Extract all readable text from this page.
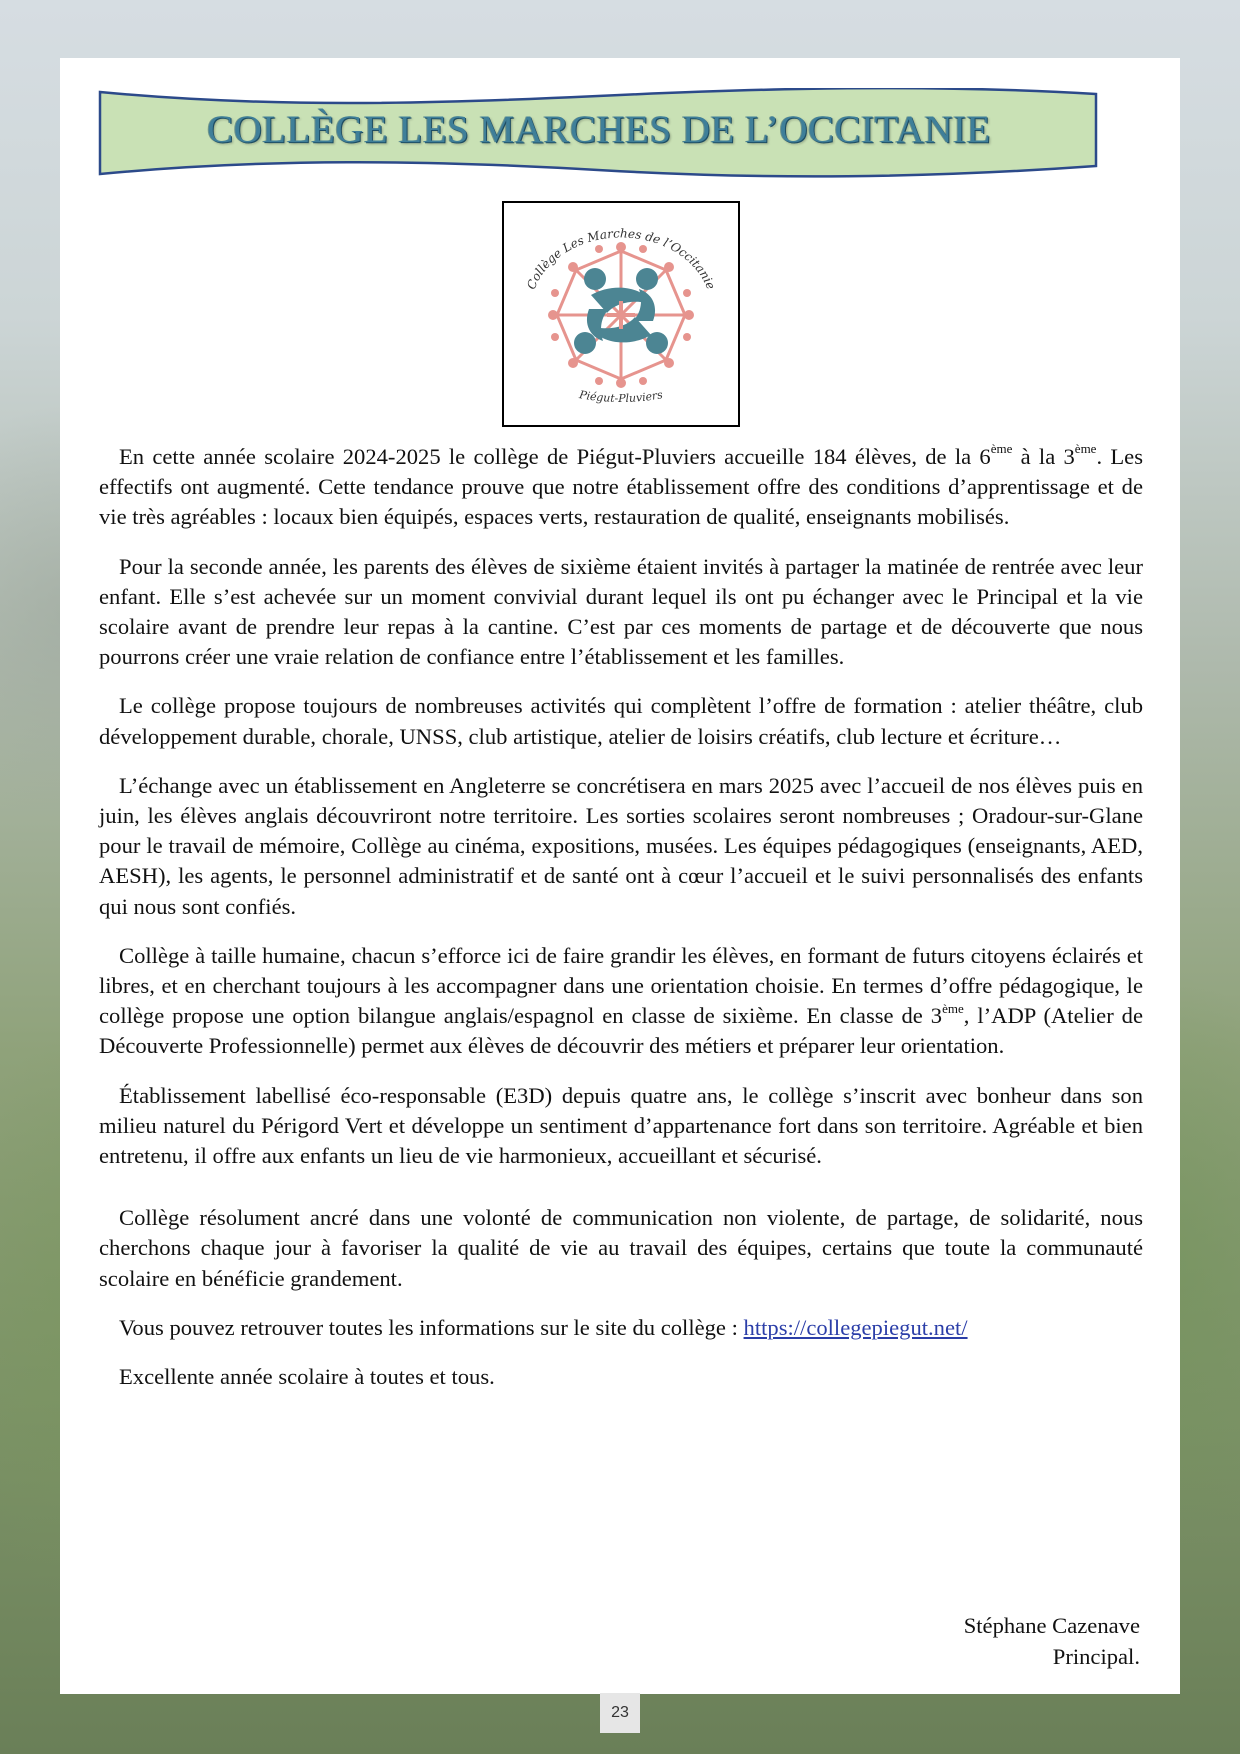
COLLÈGE LES MARCHES DE L’OCCITANIE
Collège Les Marches de l’Occitanie
Piégut-Pluviers

En cette année scolaire 2024-2025 le collège de Piégut-Pluviers accueille 184 élèves, de la 6ème à la 3ème. Les effectifs ont augmenté. Cette tendance prouve que notre établissement offre des conditions d’apprentissage et de vie très agréables : locaux bien équipés, espaces verts, restauration de qualité, enseignants mobilisés.

Pour la seconde année, les parents des élèves de sixième étaient invités à partager la matinée de rentrée avec leur enfant. Elle s’est achevée sur un moment convivial durant lequel ils ont pu échanger avec le Principal et la vie scolaire avant de prendre leur repas à la cantine. C’est par ces moments de partage et de découverte que nous pourrons créer une vraie relation de confiance entre l’établissement et les familles.

Le collège propose toujours de nombreuses activités qui complètent l’offre de formation : atelier théâtre, club développement durable, chorale, UNSS, club artistique, atelier de loisirs créatifs, club lecture et écriture…

L’échange avec un établissement en Angleterre se concrétisera en mars 2025 avec l’accueil de nos élèves puis en juin, les élèves anglais découvriront notre territoire. Les sorties scolaires seront nombreuses ; Oradour-sur-Glane pour le travail de mémoire, Collège au cinéma, expositions, musées. Les équipes pédagogiques (enseignants, AED, AESH), les agents, le personnel administratif et de santé ont à cœur l’accueil et le suivi personnalisés des enfants qui nous sont confiés.

Collège à taille humaine, chacun s’efforce ici de faire grandir les élèves, en formant de futurs citoyens éclairés et libres, et en cherchant toujours à les accompagner dans une orientation choisie. En termes d’offre pédagogique, le collège propose une option bilangue anglais/espagnol en classe de sixième. En classe de 3ème, l’ADP (Atelier de Découverte Professionnelle) permet aux élèves de découvrir des métiers et préparer leur orientation.

Établissement labellisé éco-responsable (E3D) depuis quatre ans, le collège s’inscrit avec bonheur dans son milieu naturel du Périgord Vert et développe un sentiment d’appartenance fort dans son territoire. Agréable et bien entretenu, il offre aux enfants un lieu de vie harmonieux, accueillant et sécurisé.

Collège résolument ancré dans une volonté de communication non violente, de partage, de solidarité, nous cherchons chaque jour à favoriser la qualité de vie au travail des équipes, certains que toute la communauté scolaire en bénéficie grandement.

Vous pouvez retrouver toutes les informations sur le site du collège : https://collegepiegut.net/

Excellente année scolaire à toutes et tous.

Stéphane Cazenave
Principal.
23
